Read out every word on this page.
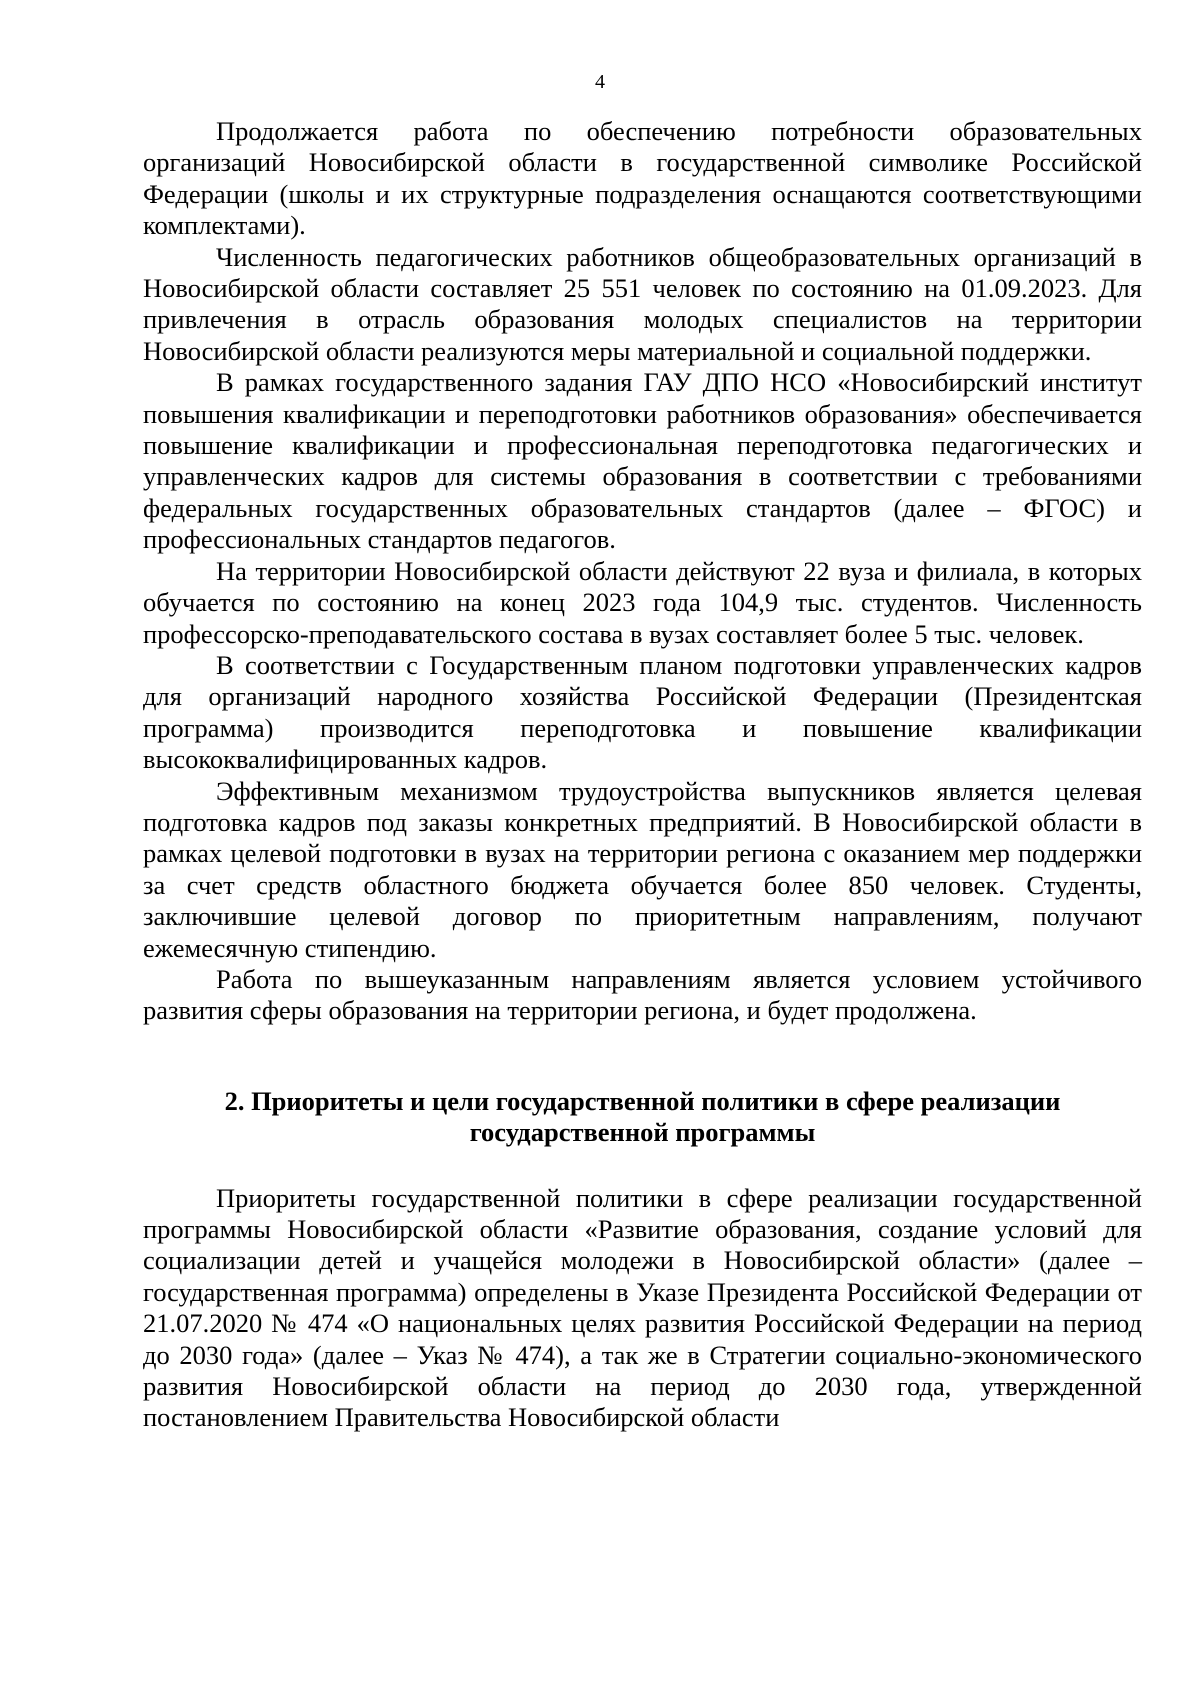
4

Продолжается работа по обеспечению потребности образовательных организаций Новосибирской области в государственной символике Российской Федерации (школы и их структурные подразделения оснащаются соответствующими комплектами).

Численность педагогических работников общеобразовательных организаций в Новосибирской области составляет 25 551 человек по состоянию на 01.09.2023. Для привлечения в отрасль образования молодых специалистов на территории Новосибирской области реализуются меры материальной и социальной поддержки.

В рамках государственного задания ГАУ ДПО НСО «Новосибирский институт повышения квалификации и переподготовки работников образования» обеспечивается повышение квалификации и профессиональная переподготовка педагогических и управленческих кадров для системы образования в соответствии с требованиями федеральных государственных образовательных стандартов (далее – ФГОС) и профессиональных стандартов педагогов.

На территории Новосибирской области действуют 22 вуза и филиала, в которых обучается по состоянию на конец 2023 года 104,9 тыс. студентов. Численность профессорско-преподавательского состава в вузах составляет более 5 тыс. человек.

В соответствии с Государственным планом подготовки управленческих кадров для организаций народного хозяйства Российской Федерации (Президентская программа) производится переподготовка и повышение квалификации высококвалифицированных кадров.

Эффективным механизмом трудоустройства выпускников является целевая подготовка кадров под заказы конкретных предприятий. В Новосибирской области в рамках целевой подготовки в вузах на территории региона с оказанием мер поддержки за счет средств областного бюджета обучается более 850 человек. Студенты, заключившие целевой договор по приоритетным направлениям, получают ежемесячную стипендию.

Работа по вышеуказанным направлениям является условием устойчивого развития сферы образования на территории региона, и будет продолжена.

2. Приоритеты и цели государственной политики в сфере реализации
государственной программы

Приоритеты государственной политики в сфере реализации государственной программы Новосибирской области «Развитие образования, создание условий для социализации детей и учащейся молодежи в Новосибирской области» (далее – государственная программа) определены в Указе Президента Российской Федерации от 21.07.2020 № 474 «О национальных целях развития Российской Федерации на период до 2030 года» (далее – Указ № 474), а так же в Стратегии социально-экономического развития Новосибирской области на период до 2030 года, утвержденной постановлением Правительства Новосибирской области
